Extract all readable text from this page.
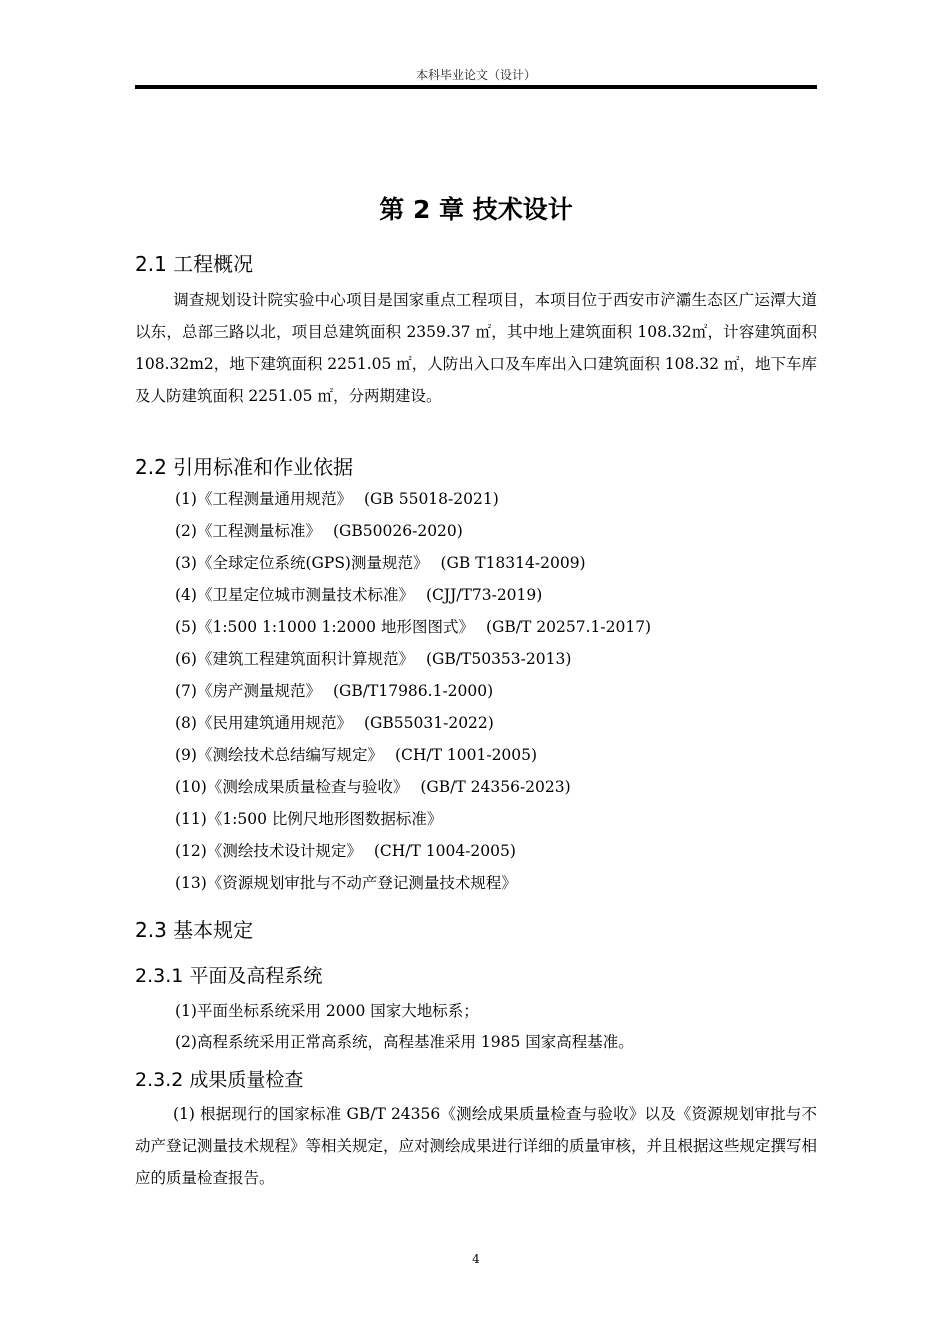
本科毕业论文（设计）
第 2 章 技术设计
2.1 工程概况
调查规划设计院实验中心项目是国家重点工程项目，本项目位于西安市浐灞生态区广运潭大道以东，总部三路以北，项目总建筑面积 2359.37 ㎡，其中地上建筑面积 108.32㎡，计容建筑面积 108.32m2，地下建筑面积 2251.05 ㎡，人防出入口及车库出入口建筑面积 108.32 ㎡，地下车库及人防建筑面积 2251.05 ㎡，分两期建设。
2.2 引用标准和作业依据
(1)《工程测量通用规范》 (GB 55018-2021)
(2)《工程测量标准》 (GB50026-2020)
(3)《全球定位系统(GPS)测量规范》 (GB T18314-2009)
(4)《卫星定位城市测量技术标准》 (CJJ/T73-2019)
(5)《1:500 1:1000 1:2000 地形图图式》 (GB/T 20257.1-2017)
(6)《建筑工程建筑面积计算规范》 (GB/T50353-2013)
(7)《房产测量规范》 (GB/T17986.1-2000)
(8)《民用建筑通用规范》 (GB55031-2022)
(9)《测绘技术总结编写规定》 (CH/T 1001-2005)
(10)《测绘成果质量检查与验收》 (GB/T 24356-2023)
(11)《1:500 比例尺地形图数据标准》
(12)《测绘技术设计规定》 (CH/T 1004-2005)
(13)《资源规划审批与不动产登记测量技术规程》
2.3 基本规定
2.3.1 平面及高程系统
(1)平面坐标系统采用 2000 国家大地标系；
(2)高程系统采用正常高系统，高程基准采用 1985 国家高程基准。
2.3.2 成果质量检查
(1) 根据现行的国家标准 GB/T 24356《测绘成果质量检查与验收》以及《资源规划审批与不动产登记测量技术规程》等相关规定，应对测绘成果进行详细的质量审核，并且根据这些规定撰写相应的质量检查报告。
4
